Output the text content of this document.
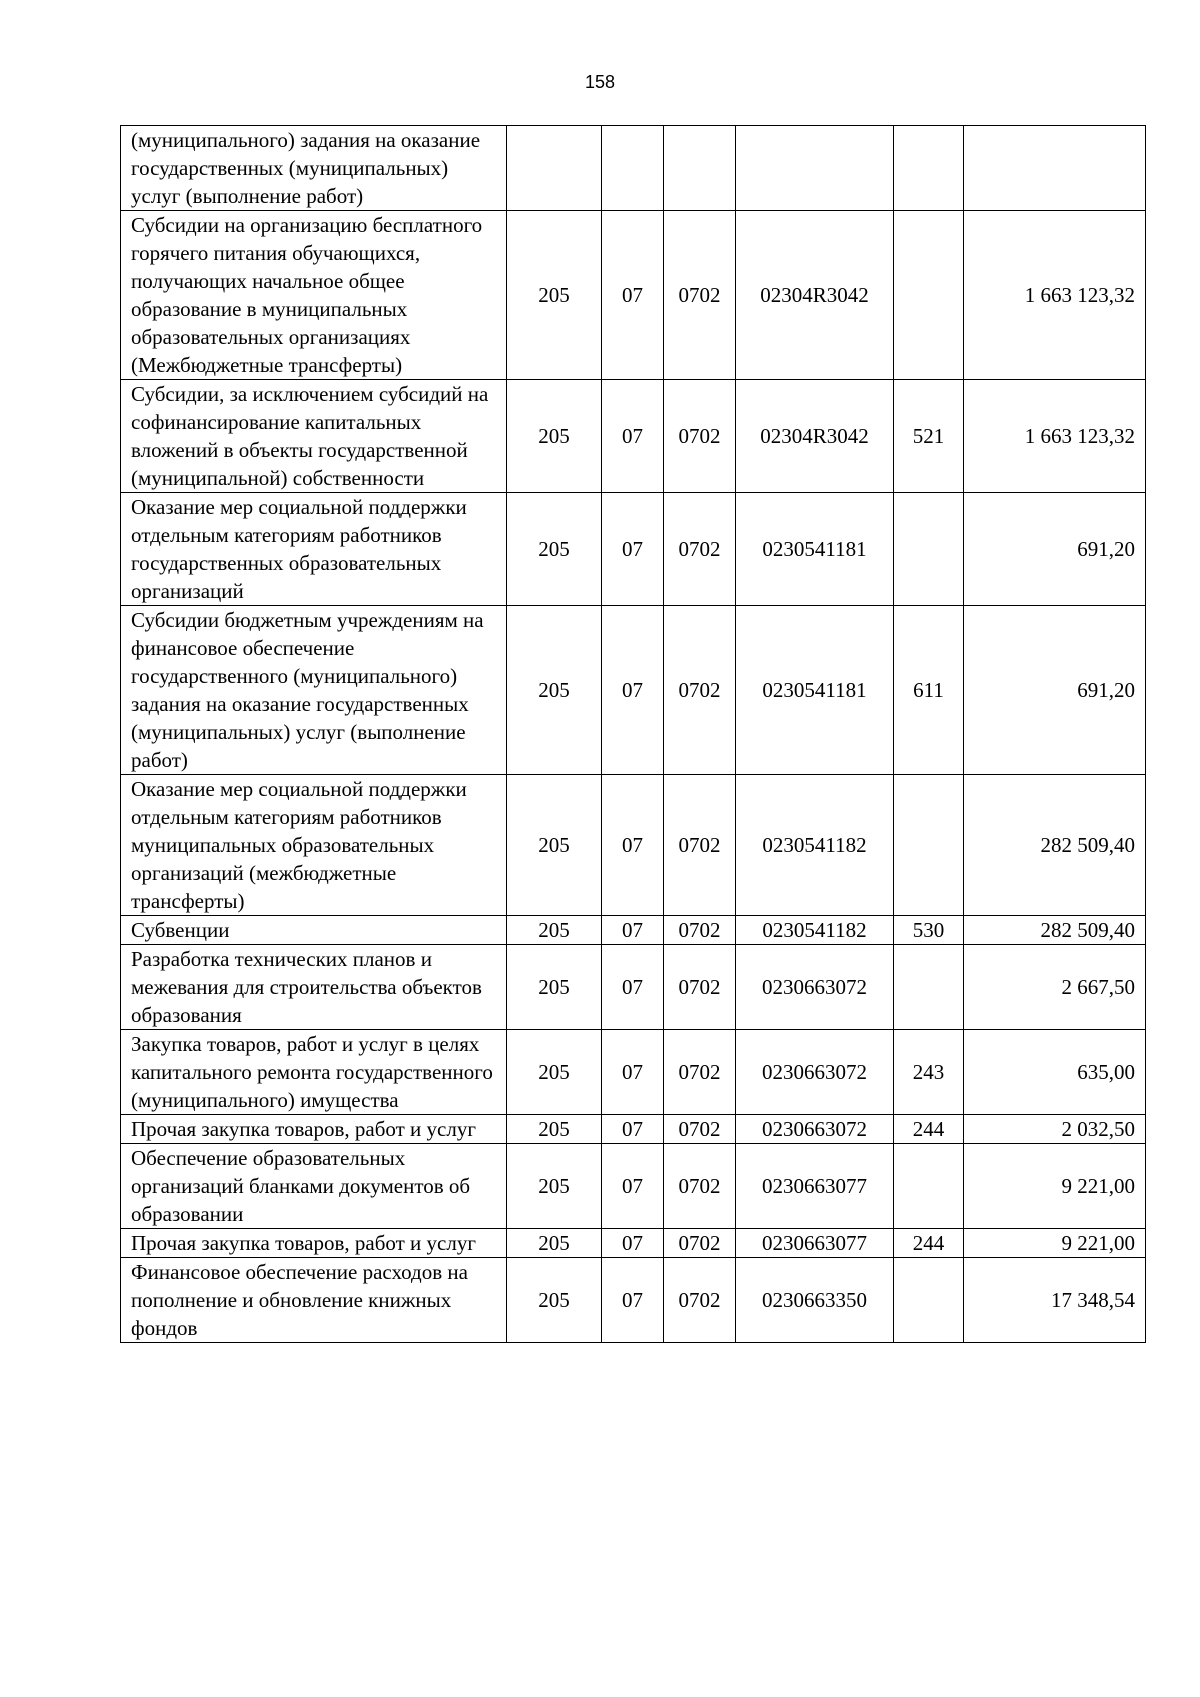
158
(муниципального) задания на оказание государственных (муниципальных) услуг (выполнение работ)						
Субсидии на организацию бесплатного горячего питания обучающихся, получающих начальное общее образование в муниципальных образовательных организациях (Межбюджетные трансферты)	205	07	0702	02304R3042		1 663 123,32
Субсидии, за исключением субсидий на софинансирование капитальных вложений в объекты государственной (муниципальной) собственности	205	07	0702	02304R3042	521	1 663 123,32
Оказание мер социальной поддержки отдельным категориям работников государственных образовательных организаций	205	07	0702	0230541181		691,20
Субсидии бюджетным учреждениям на финансовое обеспечение государственного (муниципального) задания на оказание государственных (муниципальных) услуг (выполнение работ)	205	07	0702	0230541181	611	691,20
Оказание мер социальной поддержки отдельным категориям работников муниципальных образовательных организаций (межбюджетные трансферты)	205	07	0702	0230541182		282 509,40
Субвенции	205	07	0702	0230541182	530	282 509,40
Разработка технических планов и межевания для строительства объектов образования	205	07	0702	0230663072		2 667,50
Закупка товаров, работ и услуг в целях капитального ремонта государственного (муниципального) имущества	205	07	0702	0230663072	243	635,00
Прочая закупка товаров, работ и услуг	205	07	0702	0230663072	244	2 032,50
Обеспечение образовательных организаций бланками документов об образовании	205	07	0702	0230663077		9 221,00
Прочая закупка товаров, работ и услуг	205	07	0702	0230663077	244	9 221,00
Финансовое обеспечение расходов на пополнение и обновление книжных фондов	205	07	0702	0230663350		17 348,54
